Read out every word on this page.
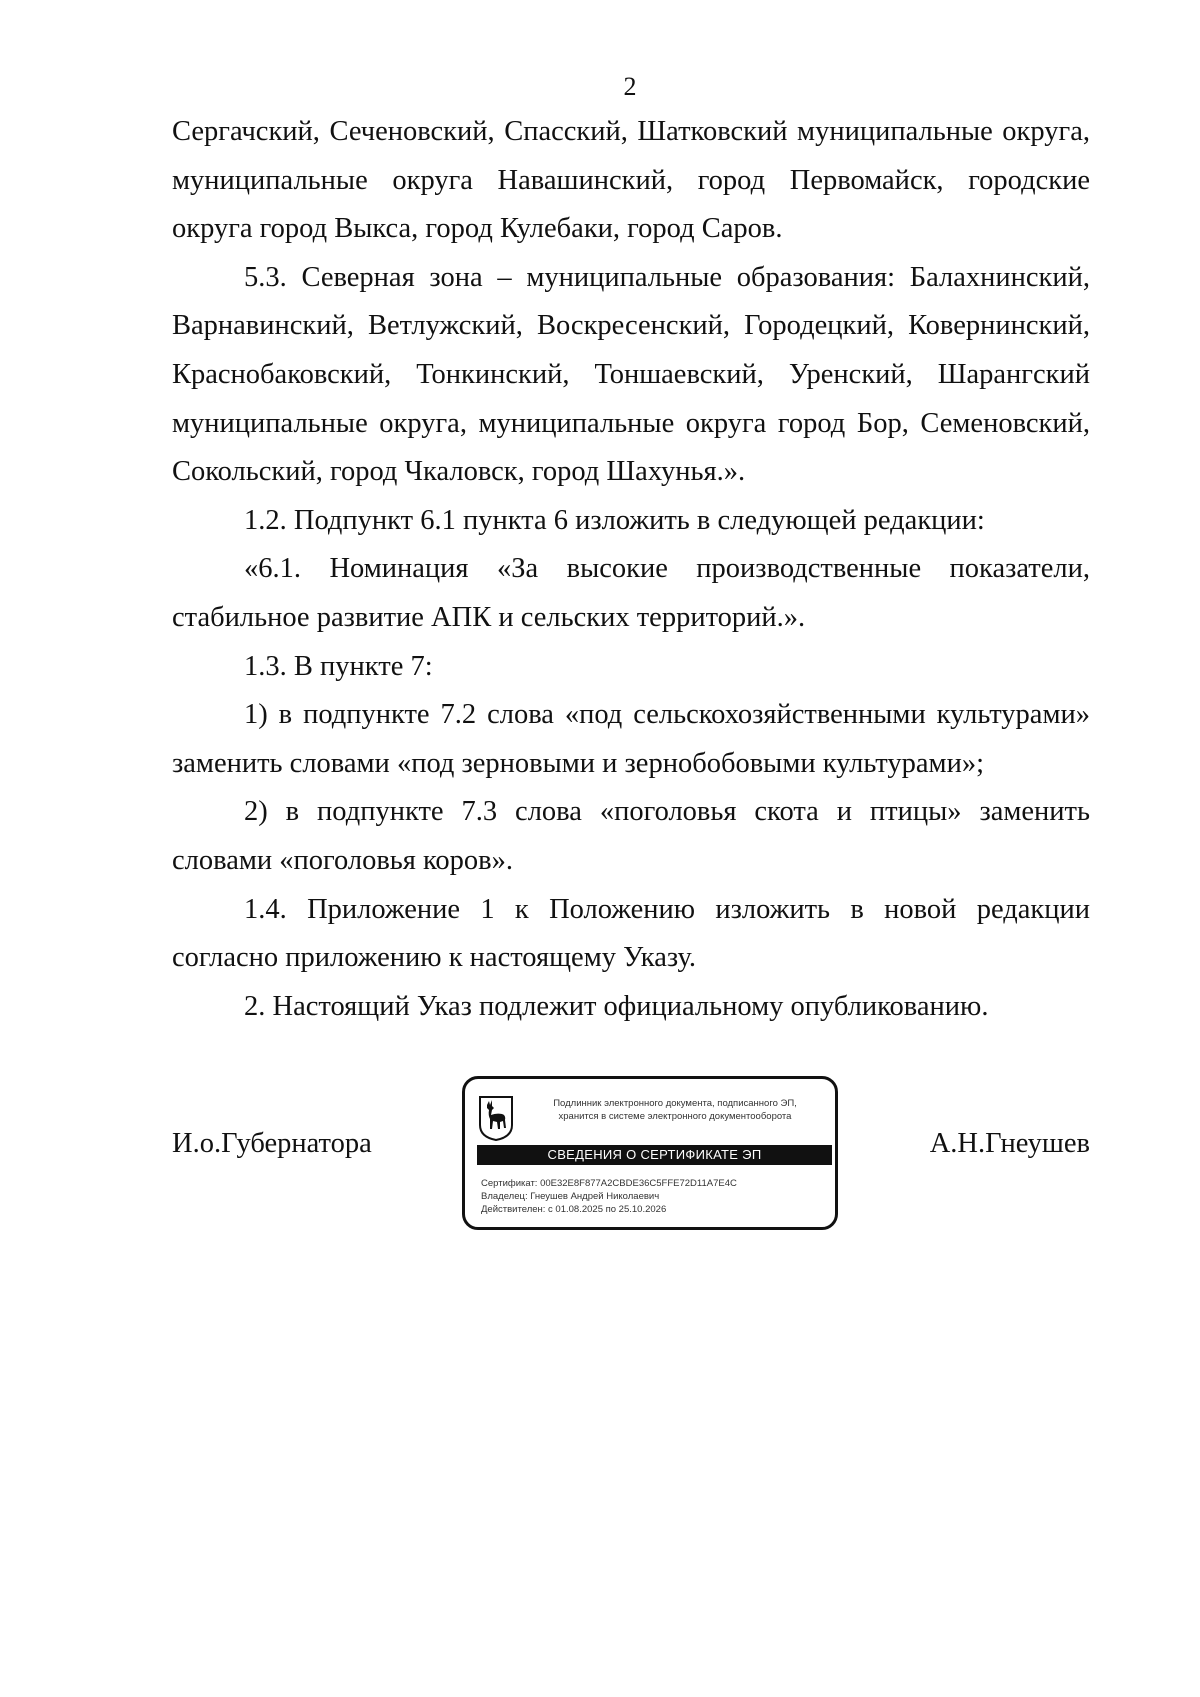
2

Сергачский, Сеченовский, Спасский, Шатковский муниципальные округа, муниципальные округа Навашинский, город Первомайск, городские округа город Выкса, город Кулебаки, город Саров.

5.3. Северная зона – муниципальные образования: Балахнинский, Варнавинский, Ветлужский, Воскресенский, Городецкий, Ковернинский, Краснобаковский, Тонкинский, Тоншаевский, Уренский, Шарангский муниципальные округа, муниципальные округа город Бор, Семеновский, Сокольский, город Чкаловск, город Шахунья.».

1.2. Подпункт 6.1 пункта 6 изложить в следующей редакции:

«6.1. Номинация «За высокие производственные показатели, стабильное развитие АПК и сельских территорий.».

1.3. В пункте 7:

1) в подпункте 7.2 слова «под сельскохозяйственными культурами» заменить словами «под зерновыми и зернобобовыми культурами»;

2) в подпункте 7.3 слова «поголовья скота и птицы» заменить словами «поголовья коров».

1.4. Приложение 1 к Положению изложить в новой редакции согласно приложению к настоящему Указу.

2. Настоящий Указ подлежит официальному опубликованию.

И.о.Губернатора	А.Н.Гнеушев
Подлинник электронного документа, подписанного ЭП,
хранится в системе электронного документооборота
СВЕДЕНИЯ О СЕРТИФИКАТЕ ЭП
Сертификат: 00E32E8F877A2CBDE36C5FFE72D11A7E4C
Владелец: Гнеушев Андрей Николаевич
Действителен: с 01.08.2025 по 25.10.2026
